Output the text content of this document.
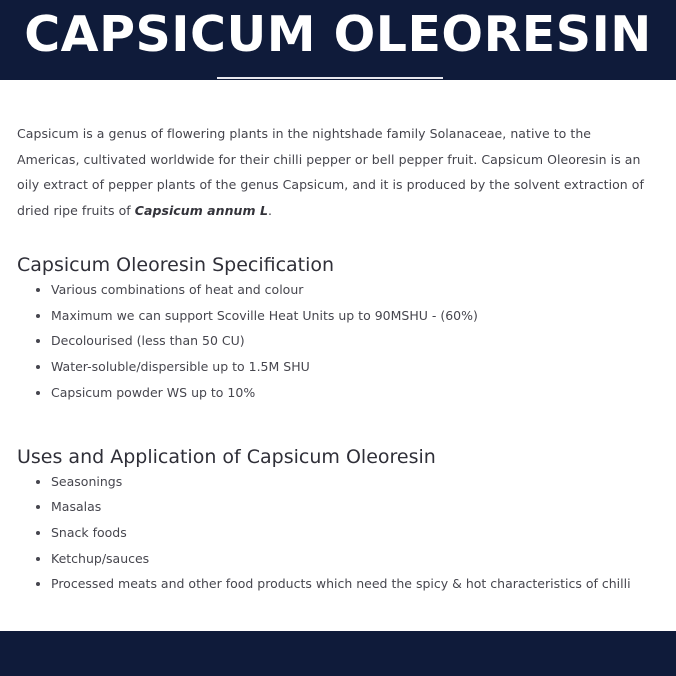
CAPSICUM OLEORESIN

Capsicum is a genus of flowering plants in the nightshade family Solanaceae, native to the Americas, cultivated worldwide for their chilli pepper or bell pepper fruit. Capsicum Oleoresin is an oily extract of pepper plants of the genus Capsicum, and it is produced by the solvent extraction of dried ripe fruits of Capsicum annum L.

Capsicum Oleoresin Specification
• Various combinations of heat and colour
• Maximum we can support Scoville Heat Units up to 90MSHU - (60%)
• Decolourised (less than 50 CU)
• Water-soluble/dispersible up to 1.5M SHU
• Capsicum powder WS up to 10%
Uses and Application of Capsicum Oleoresin
• Seasonings
• Masalas
• Snack foods
• Ketchup/sauces
• Processed meats and other food products which need the spicy & hot characteristics of chilli
